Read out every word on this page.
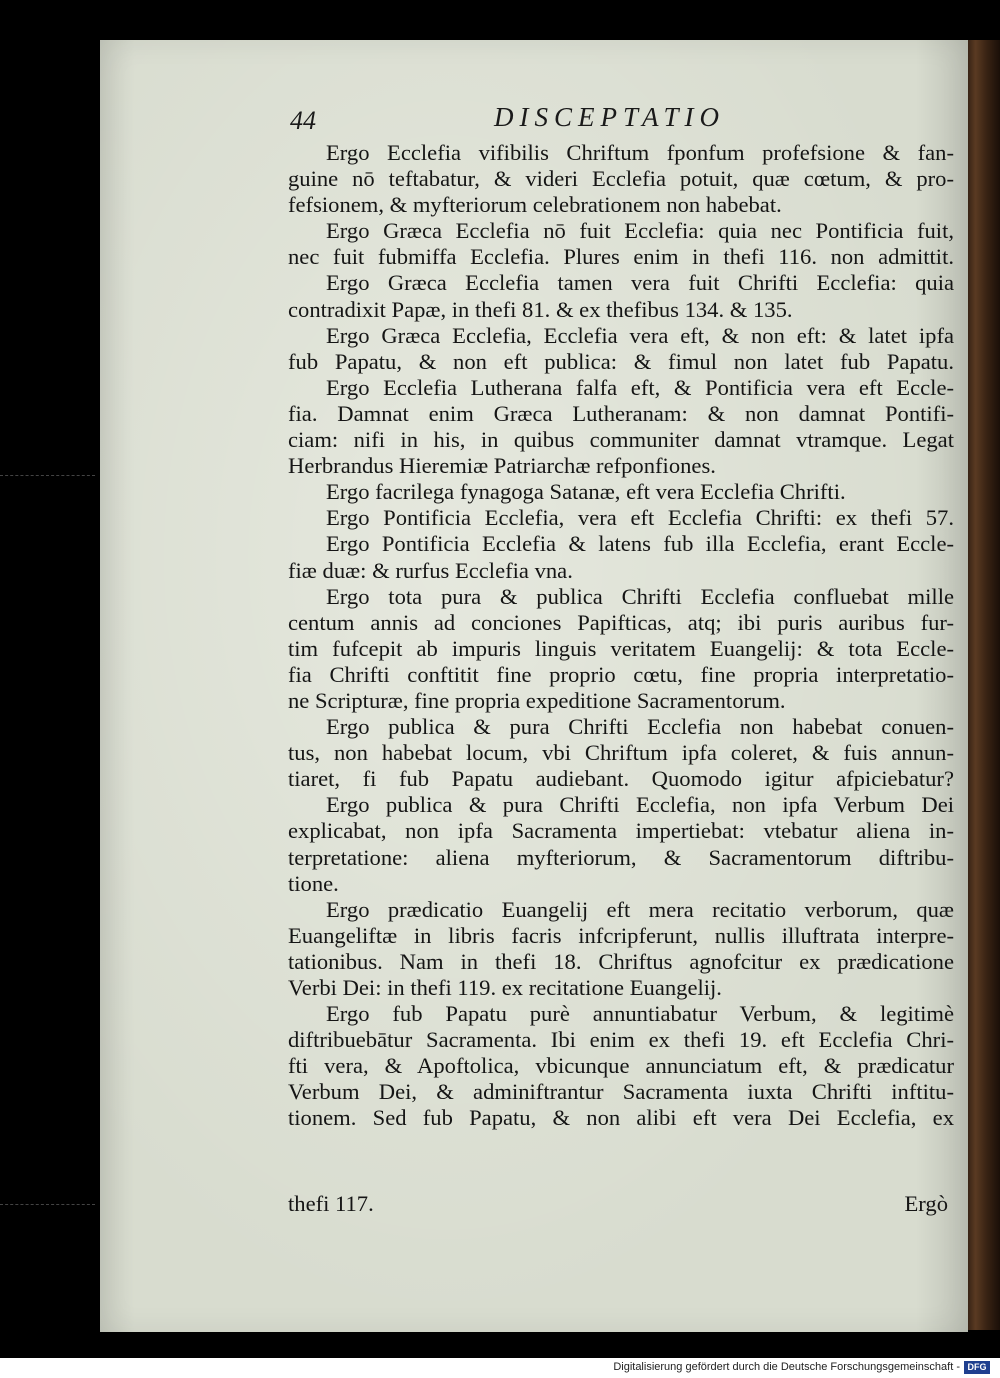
44	DISCEPTATIO
Ergo Ecclefia vifibilis Chriftum fponfum profefsione & fan-
guine nō teftabatur, & videri Ecclefia potuit, quæ cœtum, & pro-
fefsionem, & myfteriorum celebrationem non habebat.
Ergo Græca Ecclefia nō fuit Ecclefia: quia nec Pontificia fuit,
nec fuit fubmiffa Ecclefia. Plures enim in thefi 116. non admittit.
Ergo Græca Ecclefia tamen vera fuit Chrifti Ecclefia: quia
contradixit Papæ, in thefi 81. & ex thefibus 134. & 135.
Ergo Græca Ecclefia, Ecclefia vera eft, & non eft: & latet ipfa
fub Papatu, & non eft publica: & fimul non latet fub Papatu.
Ergo Ecclefia Lutherana falfa eft, & Pontificia vera eft Eccle-
fia. Damnat enim Græca Lutheranam: & non damnat Pontifi-
ciam: nifi in his, in quibus communiter damnat vtramque. Legat
Herbrandus Hieremiæ Patriarchæ refponfiones.
Ergo facrilega fynagoga Satanæ, eft vera Ecclefia Chrifti.
Ergo Pontificia Ecclefia, vera eft Ecclefia Chrifti: ex thefi 57.
Ergo Pontificia Ecclefia & latens fub illa Ecclefia, erant Eccle-
fiæ duæ: & rurfus Ecclefia vna.
Ergo tota pura & publica Chrifti Ecclefia confluebat mille
centum annis ad conciones Papifticas, atq; ibi puris auribus fur-
tim fufcepit ab impuris linguis veritatem Euangelij: & tota Eccle-
fia Chrifti conftitit fine proprio cœtu, fine propria interpretatio-
ne Scripturæ, fine propria expeditione Sacramentorum.
Ergo publica & pura Chrifti Ecclefia non habebat conuen-
tus, non habebat locum, vbi Chriftum ipfa coleret, & fuis annun-
tiaret, fi fub Papatu audiebant. Quomodo igitur afpiciebatur?
Ergo publica & pura Chrifti Ecclefia, non ipfa Verbum Dei
explicabat, non ipfa Sacramenta impertiebat: vtebatur aliena in-
terpretatione: aliena myfteriorum, & Sacramentorum diftribu-
tione.
Ergo prædicatio Euangelij eft mera recitatio verborum, quæ
Euangeliftæ in libris facris infcripferunt, nullis illuftrata interpre-
tationibus. Nam in thefi 18. Chriftus agnofcitur ex prædicatione
Verbi Dei: in thefi 119. ex recitatione Euangelij.
Ergo fub Papatu purè annuntiabatur Verbum, & legitimè
diftribuebātur Sacramenta. Ibi enim ex thefi 19. eft Ecclefia Chri-
fti vera, & Apoftolica, vbicunque annunciatum eft, & prædicatur
Verbum Dei, & adminiftrantur Sacramenta iuxta Chrifti inftitu-
tionem. Sed fub Papatu, & non alibi eft vera Dei Ecclefia, ex
thefi 117.	Ergò
Digitalisierung gefördert durch die Deutsche Forschungsgemeinschaft - DFG
